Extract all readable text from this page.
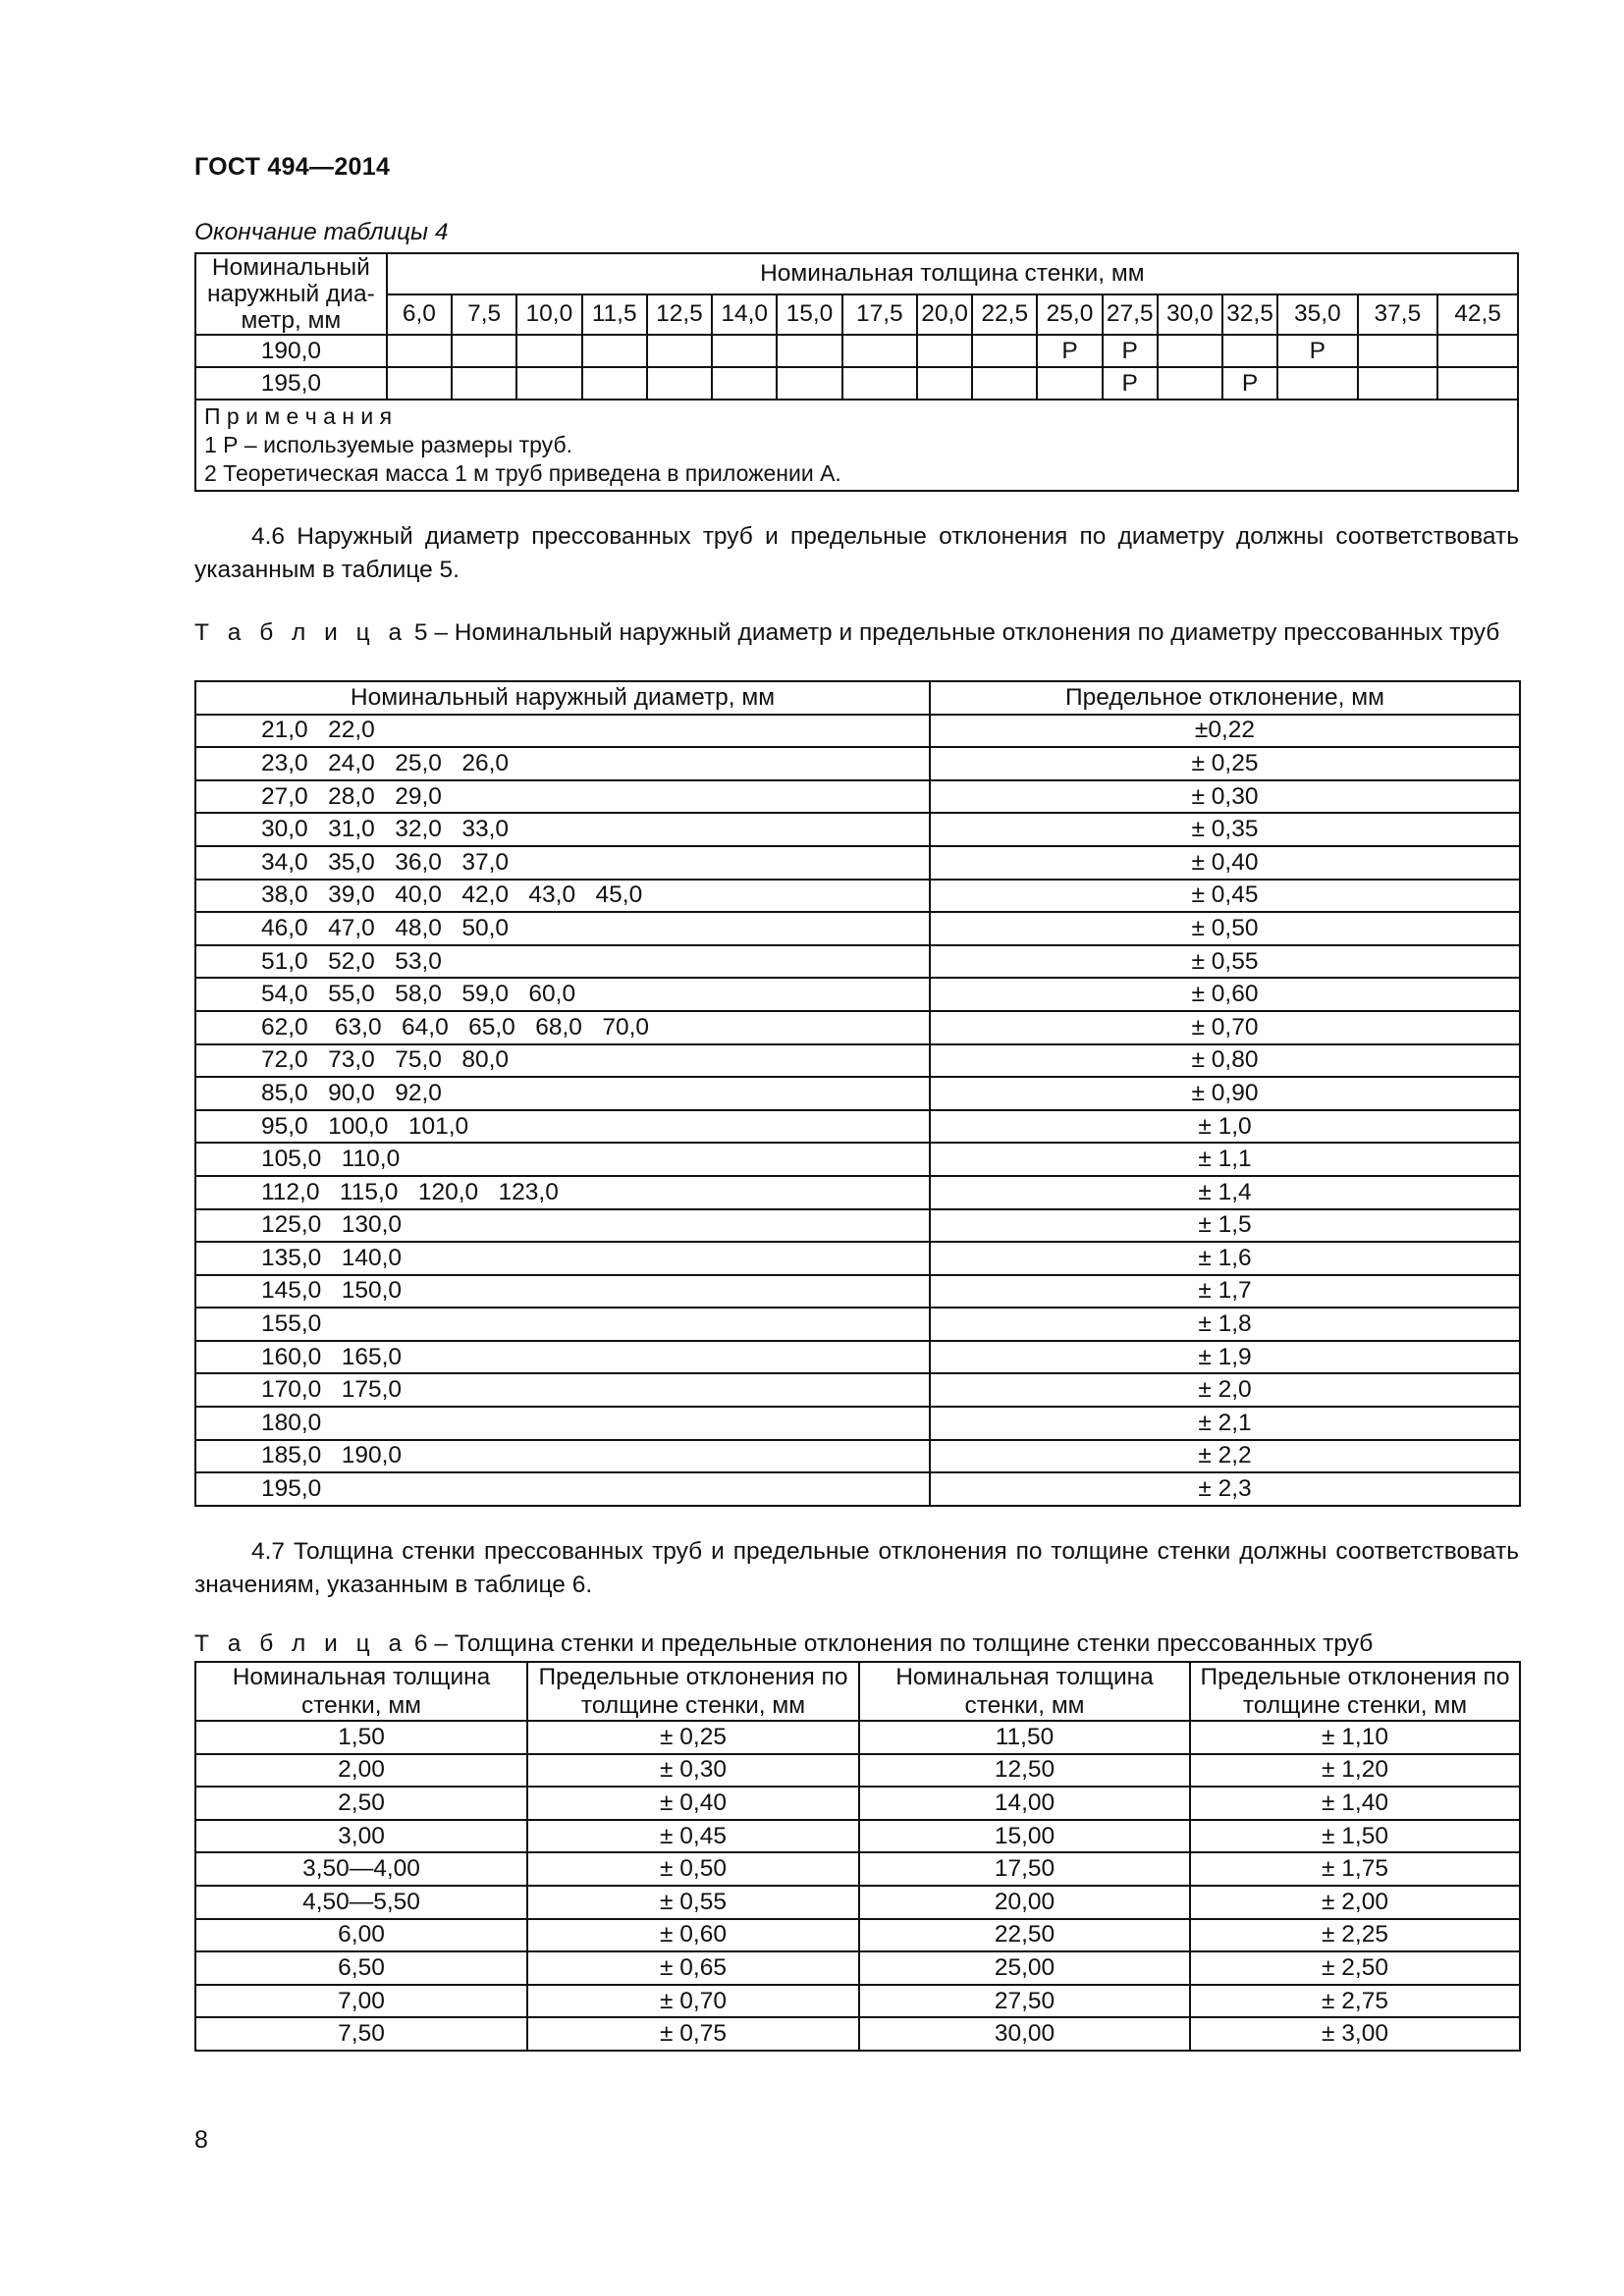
ГОСТ 494—2014
Окончание таблицы 4
Номинальный наружный диа-метр, мм	Номинальная толщина стенки, мм																
	6,0	7,5	10,0	11,5	12,5	14,0	15,0	17,5	20,0	22,5	25,0	27,5	30,0	32,5	35,0	37,5	42,5
190,0											Р	Р			Р		
195,0												Р		Р			

П р и м е ч а н и я
1 Р – используемые размеры труб.
2 Теоретическая масса 1 м труб приведена в приложении А.																	
4.6 Наружный диаметр прессованных труб и предельные отклонения по диаметру должны соответствовать указанным в таблице 5.
Т а б л и ц а 5 – Номинальный наружный диаметр и предельные отклонения по диаметру прессованных труб
Номинальный наружный диаметр, мм	Предельное отклонение, мм
21,0   22,0	±0,22
23,0   24,0   25,0   26,0	± 0,25
27,0   28,0   29,0	± 0,30
30,0   31,0   32,0   33,0	± 0,35
34,0   35,0   36,0   37,0	± 0,40
38,0   39,0   40,0   42,0   43,0   45,0	± 0,45
46,0   47,0   48,0   50,0	± 0,50
51,0   52,0   53,0	± 0,55
54,0   55,0   58,0   59,0   60,0	± 0,60
62,0    63,0   64,0   65,0   68,0   70,0	± 0,70
72,0   73,0   75,0   80,0	± 0,80
85,0   90,0   92,0	± 0,90
95,0   100,0   101,0	± 1,0
105,0   110,0	± 1,1
112,0   115,0   120,0   123,0	± 1,4
125,0   130,0	± 1,5
135,0   140,0	± 1,6
145,0   150,0	± 1,7
155,0	± 1,8
160,0   165,0	± 1,9
170,0   175,0	± 2,0
180,0	± 2,1
185,0   190,0	± 2,2
195,0	± 2,3
4.7 Толщина стенки прессованных труб и предельные отклонения по толщине стенки должны соответствовать значениям, указанным в таблице 6.
Т а б л и ц а 6 – Толщина стенки и предельные отклонения по толщине стенки прессованных труб
Номинальная толщина стенки, мм	Предельные отклонения по толщине стенки, мм	Номинальная толщина стенки, мм	Предельные отклонения по толщине стенки, мм
1,50	± 0,25	11,50	± 1,10
2,00	± 0,30	12,50	± 1,20
2,50	± 0,40	14,00	± 1,40
3,00	± 0,45	15,00	± 1,50
3,50—4,00	± 0,50	17,50	± 1,75
4,50—5,50	± 0,55	20,00	± 2,00
6,00	± 0,60	22,50	± 2,25
6,50	± 0,65	25,00	± 2,50
7,00	± 0,70	27,50	± 2,75
7,50	± 0,75	30,00	± 3,00
8
